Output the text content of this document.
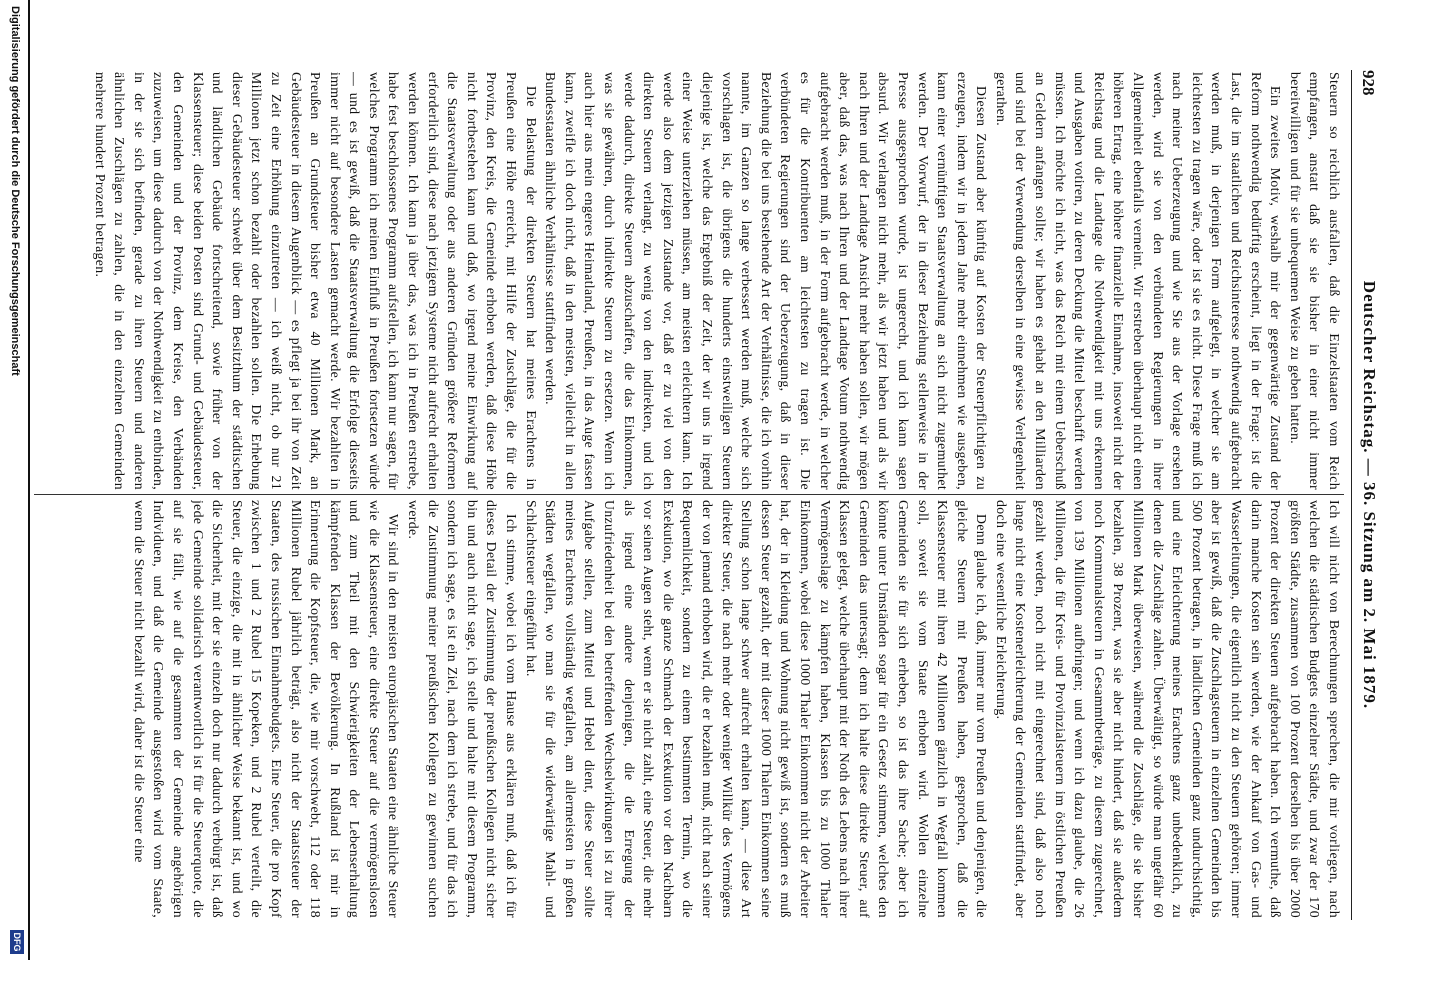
928
Deutscher Reichstag. — 36. Sitzung am 2. Mai 1879.

Steuern so reichlich ausfallen, daß die Einzelstaaten vom Reich empfangen, anstatt daß sie sie bisher in einer nicht immer bereitwilligen und für sie unbequemen Weise zu geben hatten.

Ein zweites Motiv, weshalb mir der gegenwärtige Zustand der Reform nothwendig bedürftig erscheint, liegt in der Frage: ist die Last, die im staatlichen und Reichsinteresse nothwendig aufgebracht werden muß, in derjenigen Form aufgelegt, in welcher sie am leichtesten zu tragen wäre, oder ist sie es nicht. Diese Frage muß ich nach meiner Ueberzeugung und wie Sie aus der Vorlage ersehen werden, wird sie von den verbündeten Regierungen in ihrer Allgemeinheit ebenfalls verneint. Wir erstreben überhaupt nicht einen höheren Ertrag, eine höhere finanzielle Einnahme, insoweit nicht der Reichstag und die Landtage die Nothwendigkeit mit uns erkennen und Ausgaben votiren, zu deren Deckung die Mittel beschafft werden müssen. Ich möchte ich nicht, was das Reich mit einem Ueberschuß an Geldern anfangen sollte; wir haben es gehabt an den Milliarden und sind bei der Verwendung derselben in eine gewisse Verlegenheit gerathen.

Diesen Zustand aber künftig auf Kosten der Steuerpflichtigen zu erzeugen, indem wir in jedem Jahre mehr einnehmen wie ausgeben, kann einer vernünftigen Staatsverwaltung an sich nicht zugemuthet werden. Der Vorwurf, der in dieser Beziehung stellenweise in der Presse ausgesprochen wurde, ist ungerecht, und ich kann sagen absurd. Wir verlangen nicht mehr, als wir jetzt haben und als wir nach Ihren und der Landtage Ansicht mehr haben sollen, wir mögen aber, daß das, was nach Ihren und der Landtage Votum nothwendig aufgebracht werden muß, in der Form aufgebracht werde, in welcher es für die Kontribuenten am leichtesten zu tragen ist. Die verbündeten Regierungen sind der Ueberzeugung, daß in dieser Beziehung die bei uns bestehende Art der Verhältnisse, die ich vorhin nannte, im Ganzen so lange verbessert werden muß, welche sich vorschlagen ist, die übrigens die hunderts einstweiligen Steuern diejenige ist, welche das Ergebniß der Zeit, der wir uns in irgend einer Weise unterziehen müssen, am meisten erleichtern kann. Ich werde also dem jetzigen Zustande vor, daß er zu viel von den direkten Steuern verlangt, zu wenig von den indirekten, und ich werde dadurch, direkte Steuern abzuschaffen, die das Einkommen, was sie gewähren, durch indirekte Steuern zu ersetzen. Wenn ich auch hier aus mein engeres Heimatland, Preußen, in das Auge fassen kann, zweifle ich doch nicht, daß in den meisten, vielleicht in allen Bundesstaaten ähnliche Verhältnisse stattfinden werden.

Die Belastung der direkten Steuern hat meines Erachtens in Preußen eine Höhe erreicht, mit Hilfe der Zuschläge, die für die Provinz, den Kreis, die Gemeinde erhoben werden, daß diese Höhe nicht fortbestehen kann und daß, wo irgend meine Einwirkung auf die Staatsverwaltung oder aus anderen Gründen größere Reformen erforderlich sind, diese nach jetzigem Systeme nicht aufrecht erhalten werden können. Ich kann ja über das, was ich in Preußen erstrebe, habe fest beschlossenes Programm aufstellen, ich kann nur sagen, für welches Programm ich meinen Einfluß in Preußen fortsetzen würde — und es ist gewiß, daß die Staatsverwaltung die Erfolge diesseits immer nicht auf besondere Lasten gemacht werde. Wir bezahlten in Preußen an Grundsteuer bisher etwa 40 Millionen Mark, an Gebäudesteuer in diesem Augenblick — es pflegt ja bei ihr von Zeit zu Zeit eine Erhöhung einzutreten — ich weiß nicht, ob nur 21 Millionen jetzt schon bezahlt oder bezahlen sollen. Die Erhebung dieser Gebäudesteuer schwebt über dem Besitzthum der städtischen und ländlichen Gebäude fortschreitend, sowie früher von der Klassensteuer; diese beiden Posten sind Grund- und Gebäudesteuer, den Gemeinden und der Provinz, dem Kreise, den Verbänden zuzuweisen, um diese dadurch von der Nothwendigkeit zu entbinden, in der sie sich befinden, gerade zu ihren Steuern und anderen ähnlichen Zuschlägen zu zahlen, die in den einzelnen Gemeinden mehrere hundert Prozent betragen.

Ich will nicht von Berechnungen sprechen, die mir vorliegen, nach welchen die städtischen Budgets einzelner Städte, und zwar der 170 größten Städte, zusammen von 100 Prozent derselben bis über 2000 Prozent der direkten Steuern aufgebracht haben. Ich vermuthe, daß darin manche Kosten sein werden, wie der Ankauf von Gas- und Wasserleitungen, die eigentlich nicht zu den Steuern gehören; immer aber ist gewiß, daß die Zuschlagsteuern in einzelnen Gemeinden bis 500 Prozent betragen, in ländlichen Gemeinden ganz undurchsichtig, und eine Erleichterung meines Erachtens ganz unbedenklich, zu denen die Zuschläge zahlen. Überwältigt, so würde man ungefähr 60 Millionen Mark überweisen, während die Zuschläge, die sie bisher bezahlen, 38 Prozent, was sie aber nicht hindert, daß sie außerdem noch Kommunalsteuern in Gesammtbeträge, zu diesem zugerechnet, von 139 Millionen aufbringen; und wenn ich dazu glaube, die 26 Millionen, die für Kreis- und Provinzialsteuern im östlichen Preußen gezahlt werden, noch nicht mit eingerechnet sind, daß also noch lange nicht eine Kostenerleichterung der Gemeinden stattfindet, aber doch eine wesentliche Erleichterung.

Denn glaube ich, daß, immer nur vom Preußen und denjenigen, die gleiche Steuern mit Preußen haben, gesprochen, daß die Klassensteuer mit ihren 42 Millionen gänzlich in Wegfall kommen soll, soweit sie vom Staate erhoben wird. Wollen einzelne Gemeinden sie für sich erheben, so ist das ihre Sache; aber ich könnte unter Umständen sogar für ein Gesetz stimmen, welches den Gemeinden das untersagt; denn ich halte diese direkte Steuer, auf Klassen gelegt, welche überhaupt mit der Noth des Lebens nach ihrer Vermögenslage zu kämpfen haben, Klassen bis zu 1000 Thaler Einkommen, wobei diese 1000 Thaler Einkommen nicht der Arbeiter hat, der in Kleidung und Wohnung nicht gewiß ist, sondern es muß dessen Steuer gezahlt, der mit dieser 1000 Thalern Einkommen seine Stellung schon lange schwer aufrecht erhalten kann, — diese Art direkter Steuer, die nach mehr oder weniger Willkür des Vermögens der von jemand erhoben wird, die er bezahlen muß, nicht nach seiner Bequemlichkeit, sondern zu einem bestimmten Termin, wo die Exekution, wo die ganze Schmach der Exekution vor den Nachbarn vor seinen Augen steht, wenn er sie nicht zahlt, eine Steuer, die mehr als irgend eine andere denjenigen, die die Erregung der Unzufriedenheit bei den betreffenden Wechselwirkungen ist zu ihrer Aufgabe stellen, zum Mittel und Hebel dient, diese Steuer sollte meines Erachtens vollständig wegfallen, am allermeisten in großen Städten wegfallen, wo man sie für die widerwärtige Mahl- und Schlachtsteuer eingeführt hat.

Ich stimme, wobei ich vom Hause aus erklären muß, daß ich für dieses Detail der Zustimmung der preußischen Kollegen nicht sicher bin und auch nicht sage, ich stelle und halte mit diesem Programm, sondern ich sage, es ist ein Ziel, nach dem ich strebe, und für das ich die Zustimmung meiner preußischen Kollegen zu gewinnen suchen werde.

Wir sind in den meisten europäischen Staaten eine ähnliche Steuer wie die Klassensteuer, eine direkte Steuer auf die vermögenslosen und zum Theil mit den Schwierigkeiten der Lebenserhaltung kämpfenden Klassen der Bevölkerung. In Rußland ist mir in Erinnerung die Kopfsteuer, die, wie mir vorschwebt, 112 oder 118 Millionen Rubel jährlich beträgt, also nicht der Staatssteuer der Staaten, des russischen Einnahmebudgets. Eine Steuer, die pro Kopf zwischen 1 und 2 Rubel 15 Kopeken, und 2 Rubel verteilt, die Steuer, die einzige, die mit in ähnlicher Weise bekannt ist, und wo die Sicherheit, mit der sie einzeln doch nur dadurch verbürgt ist, daß jede Gemeinde solidarisch verantwortlich ist für die Steuerquote, die auf sie fällt, wie auf die gesammten der Gemeinde angehörigen Individuen, und daß die Gemeinde ausgestoßen wird vom Staate, wenn die Steuer nicht bezahlt wird, daher ist die Steuer eine

Digitalisierung gefördert durch die Deutsche Forschungsgemeinschaft
DFG
